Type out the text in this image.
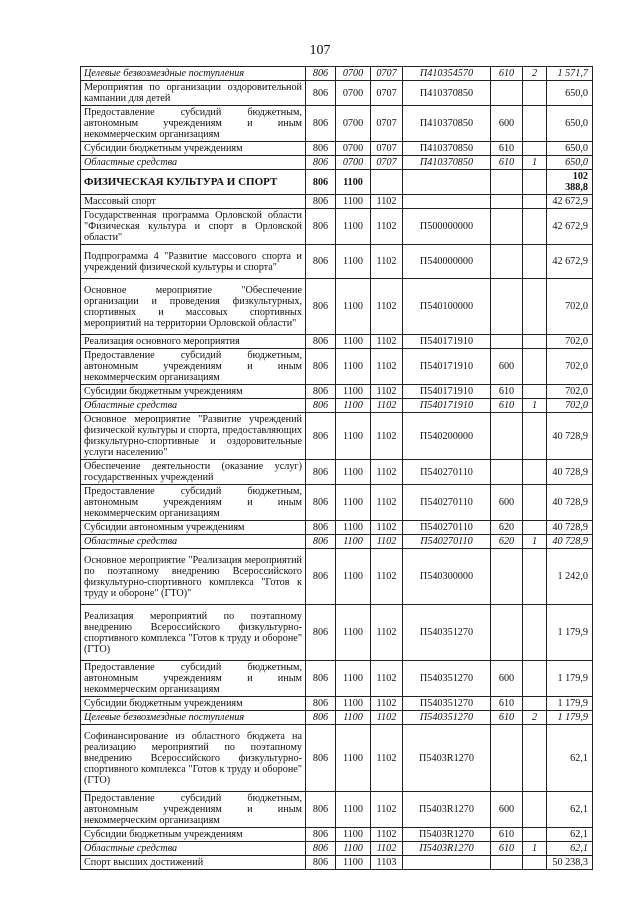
107
Целевые безвозмездные поступления	806	0700	0707	П410354570	610	2	1 571,7
Мероприятия по организации оздоровительной кампании для детей	806	0700	0707	П410370850			650,0
Предоставление субсидий бюджетным, автономным учреждениям и иным некоммерческим организациям	806	0700	0707	П410370850	600		650,0
Субсидии бюджетным учреждениям	806	0700	0707	П410370850	610		650,0
Областные средства	806	0700	0707	П410370850	610	1	650,0
ФИЗИЧЕСКАЯ КУЛЬТУРА И СПОРТ	806	1100					102 388,8
Массовый спорт	806	1100	1102				42 672,9
Государственная программа Орловской области "Физическая культура и спорт в Орловской области"	806	1100	1102	П500000000			42 672,9
Подпрограмма 4 "Развитие массового спорта и учреждений физической культуры и спорта"	806	1100	1102	П540000000			42 672,9
Основное мероприятие "Обеспечение организации и проведения физкультурных, спортивных и массовых спортивных мероприятий на территории Орловской области"	806	1100	1102	П540100000			702,0
Реализация основного мероприятия	806	1100	1102	П540171910			702,0
Предоставление субсидий бюджетным, автономным учреждениям и иным некоммерческим организациям	806	1100	1102	П540171910	600		702,0
Субсидии бюджетным учреждениям	806	1100	1102	П540171910	610		702,0
Областные средства	806	1100	1102	П540171910	610	1	702,0
Основное мероприятие "Развитие учреждений физической культуры и спорта, предоставляющих физкультурно-спортивные и оздоровительные услуги населению"	806	1100	1102	П540200000			40 728,9
Обеспечение деятельности (оказание услуг) государственных учреждений	806	1100	1102	П540270110			40 728,9
Предоставление субсидий бюджетным, автономным учреждениям и иным некоммерческим организациям	806	1100	1102	П540270110	600		40 728,9
Субсидии автономным учреждениям	806	1100	1102	П540270110	620		40 728,9
Областные средства	806	1100	1102	П540270110	620	1	40 728,9
Основное мероприятие "Реализация мероприятий по поэтапному внедрению Всероссийского физкультурно-спортивного комплекса "Готов к труду и обороне" (ГТО)"	806	1100	1102	П540300000			1 242,0
Реализация мероприятий по поэтапному внедрению Всероссийского физкультурно-спортивного комплекса "Готов к труду и обороне" (ГТО)	806	1100	1102	П540351270			1 179,9
Предоставление субсидий бюджетным, автономным учреждениям и иным некоммерческим организациям	806	1100	1102	П540351270	600		1 179,9
Субсидии бюджетным учреждениям	806	1100	1102	П540351270	610		1 179,9
Целевые безвозмездные поступления	806	1100	1102	П540351270	610	2	1 179,9
Софинансирование из областного бюджета на реализацию мероприятий по поэтапному внедрению Всероссийского физкультурно-спортивного комплекса "Готов к труду и обороне" (ГТО)	806	1100	1102	П5403R1270			62,1
Предоставление субсидий бюджетным, автономным учреждениям и иным некоммерческим организациям	806	1100	1102	П5403R1270	600		62,1
Субсидии бюджетным учреждениям	806	1100	1102	П5403R1270	610		62,1
Областные средства	806	1100	1102	П5403R1270	610	1	62,1
Спорт высших достижений	806	1100	1103				50 238,3
